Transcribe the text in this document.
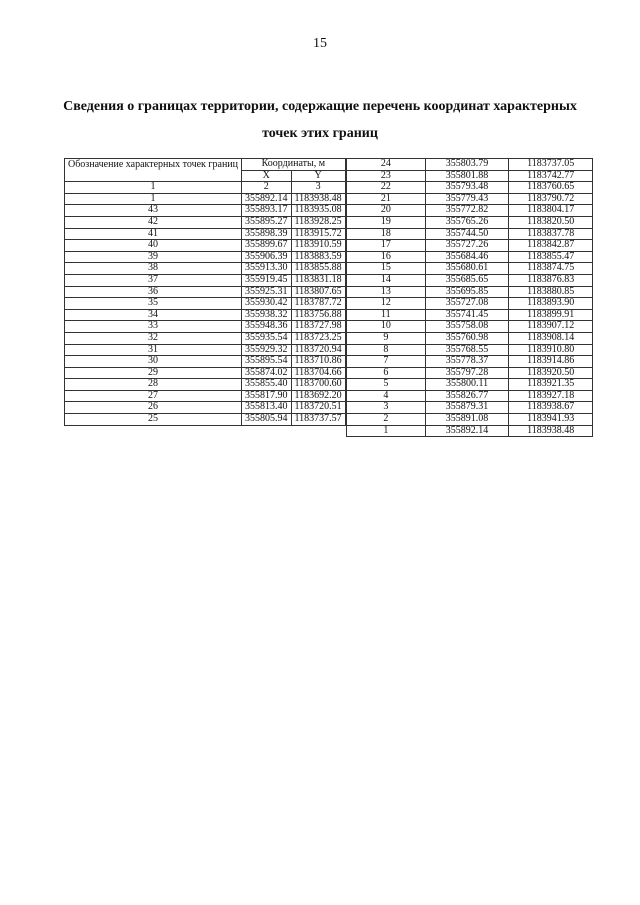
15
Сведения о границах территории, содержащие перечень координат характерных
точек этих границ
Обозначение характерных точек границ	Координаты, м	
	X	Y
1	2	3
1	355892.14	1183938.48
43	355893.17	1183935.08
42	355895.27	1183928.25
41	355898.39	1183915.72
40	355899.67	1183910.59
39	355906.39	1183883.59
38	355913.30	1183855.88
37	355919.45	1183831.18
36	355925.31	1183807.65
35	355930.42	1183787.72
34	355938.32	1183756.88
33	355948.36	1183727.98
32	355935.54	1183723.25
31	355929.32	1183720.94
30	355895.54	1183710.86
29	355874.02	1183704.66
28	355855.40	1183700.60
27	355817.90	1183692.20
26	355813.40	1183720.51
25	355805.94	1183737.57
24	355803.79	1183737.05
23	355801.88	1183742.77
22	355793.48	1183760.65
21	355779.43	1183790.72
20	355772.82	1183804.17
19	355765.26	1183820.50
18	355744.50	1183837.78
17	355727.26	1183842.87
16	355684.46	1183855.47
15	355680.61	1183874.75
14	355685.65	1183876.83
13	355695.85	1183880.85
12	355727.08	1183893.90
11	355741.45	1183899.91
10	355758.08	1183907.12
9	355760.98	1183908.14
8	355768.55	1183910.80
7	355778.37	1183914.86
6	355797.28	1183920.50
5	355800.11	1183921.35
4	355826.77	1183927.18
3	355879.31	1183938.67
2	355891.08	1183941.93
1	355892.14	1183938.48
